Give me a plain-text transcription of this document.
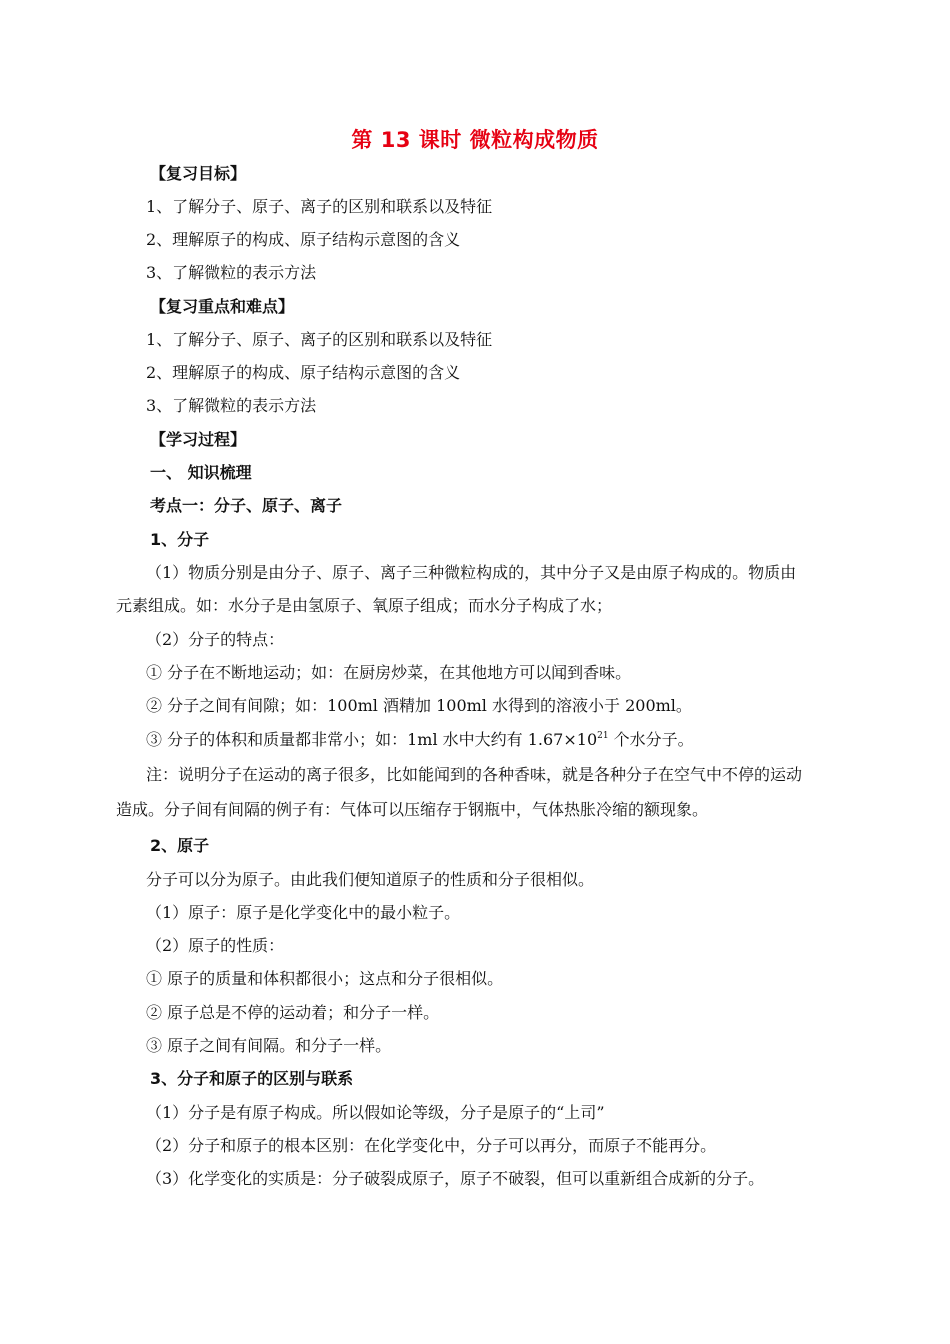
第 13 课时 微粒构成物质
【复习目标】
1、了解分子、原子、离子的区别和联系以及特征
2、理解原子的构成、原子结构示意图的含义
3、了解微粒的表示方法
【复习重点和难点】
1、了解分子、原子、离子的区别和联系以及特征
2、理解原子的构成、原子结构示意图的含义
3、了解微粒的表示方法
【学习过程】
一、 知识梳理
考点一：分子、原子、离子
1、分子
（1）物质分别是由分子、原子、离子三种微粒构成的，其中分子又是由原子构成的。物质由
元素组成。如：水分子是由氢原子、氧原子组成；而水分子构成了水；
（2）分子的特点：
① 分子在不断地运动；如：在厨房炒菜，在其他地方可以闻到香味。
② 分子之间有间隙；如：100ml 酒精加 100ml 水得到的溶液小于 200ml。
③ 分子的体积和质量都非常小；如：1ml 水中大约有 $1.67\times 10^{21}$ 个水分子。
注：说明分子在运动的离子很多，比如能闻到的各种香味，就是各种分子在空气中不停的运动
造成。分子间有间隔的例子有：气体可以压缩存于钢瓶中，气体热胀冷缩的额现象。
2、原子
分子可以分为原子。由此我们便知道原子的性质和分子很相似。
（1）原子：原子是化学变化中的最小粒子。
（2）原子的性质：
① 原子的质量和体积都很小；这点和分子很相似。
② 原子总是不停的运动着；和分子一样。
③ 原子之间有间隔。和分子一样。
3、分子和原子的区别与联系
（1）分子是有原子构成。所以假如论等级，分子是原子的“上司”
（2）分子和原子的根本区别：在化学变化中，分子可以再分，而原子不能再分。
（3）化学变化的实质是：分子破裂成原子，原子不破裂，但可以重新组合成新的分子。
